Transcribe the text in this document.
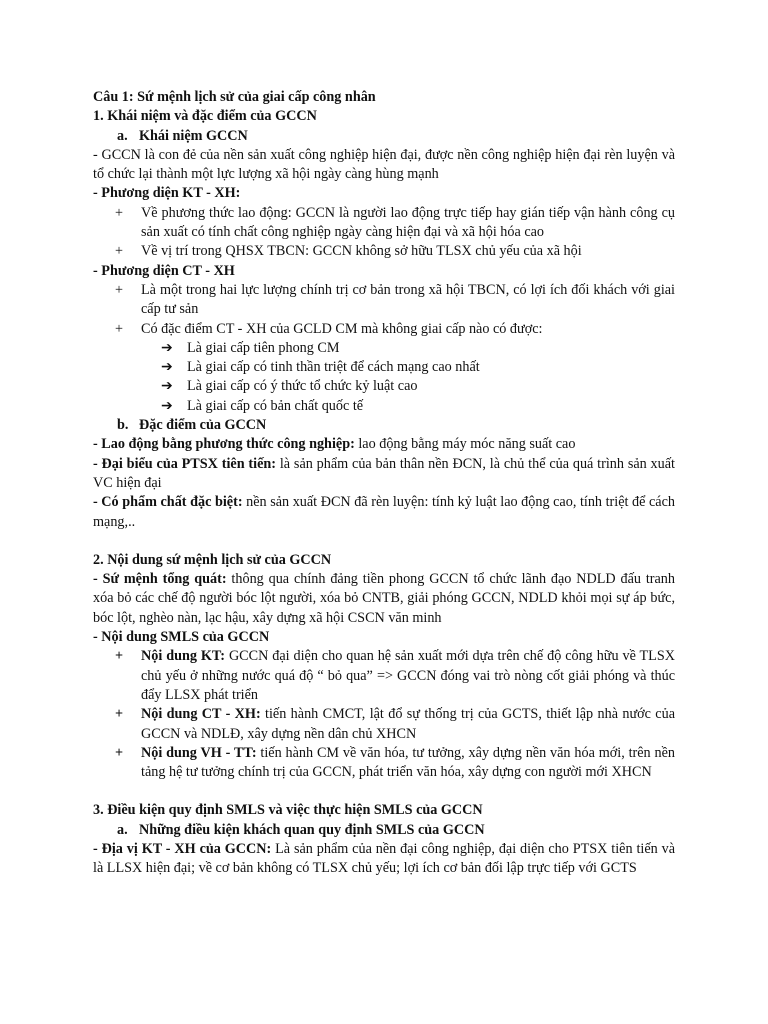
Câu 1: Sứ mệnh lịch sử của giai cấp công nhân

1. Khái niệm và đặc điểm của GCCN

a. Khái niệm GCCN

- GCCN là con đẻ của nền sản xuất công nghiệp hiện đại, được nền công nghiệp hiện đại rèn luyện và tổ chức lại thành một lực lượng xã hội ngày càng hùng mạnh

- Phương diện KT - XH:

+	Về phương thức lao động: GCCN là người lao động trực tiếp hay gián tiếp vận hành công cụ sản xuất có tính chất công nghiệp ngày càng hiện đại và xã hội hóa cao
+	Về vị trí trong QHSX TBCN: GCCN không sở hữu TLSX chủ yếu của xã hội

- Phương diện CT - XH

+	Là một trong hai lực lượng chính trị cơ bản trong xã hội TBCN, có lợi ích đối khách với giai cấp tư sản
+	Có đặc điểm CT - XH của GCLD CM mà không giai cấp nào có được:
➔ Là giai cấp tiên phong CM
➔ Là giai cấp có tinh thần triệt để cách mạng cao nhất
➔ Là giai cấp có ý thức tổ chức kỷ luật cao
➔ Là giai cấp có bản chất quốc tế
b. Đặc điểm của GCCN

- Lao động bằng phương thức công nghiệp: lao động bằng máy móc năng suất cao

- Đại biểu của PTSX tiên tiến: là sản phẩm của bản thân nền ĐCN, là chủ thể của quá trình sản xuất VC hiện đại

- Có phẩm chất đặc biệt: nền sản xuất ĐCN đã rèn luyện: tính kỷ luật lao động cao, tính triệt để cách mạng,..

2. Nội dung sứ mệnh lịch sử của GCCN

- Sứ mệnh tổng quát: thông qua chính đảng tiền phong GCCN tổ chức lãnh đạo NDLD đấu tranh xóa bỏ các chế độ người bóc lột người, xóa bỏ CNTB, giải phóng GCCN, NDLD khỏi mọi sự áp bức, bóc lột, nghèo nàn, lạc hậu, xây dựng xã hội CSCN văn minh

- Nội dung SMLS của GCCN

+	Nội dung KT: GCCN đại diện cho quan hệ sản xuất mới dựa trên chế độ công hữu về TLSX chủ yếu ở những nước quá độ “ bỏ qua” => GCCN đóng vai trò nòng cốt giải phóng và thúc đẩy LLSX phát triển
+	Nội dung CT - XH: tiến hành CMCT, lật đổ sự thống trị của GCTS, thiết lập nhà nước của GCCN và NDLĐ, xây dựng nền dân chủ XHCN
+	Nội dung VH - TT: tiến hành CM về văn hóa, tư tưởng, xây dựng nền văn hóa mới, trên nền tảng hệ tư tưởng chính trị của GCCN, phát triển văn hóa, xây dựng con người mới XHCN

3. Điều kiện quy định SMLS và việc thực hiện SMLS của GCCN

a. Những điều kiện khách quan quy định SMLS của GCCN

- Địa vị KT - XH của GCCN: Là sản phẩm của nền đại công nghiệp, đại diện cho PTSX tiên tiến và là LLSX hiện đại; về cơ bản không có TLSX chủ yếu; lợi ích cơ bản đối lập trực tiếp với GCTS
